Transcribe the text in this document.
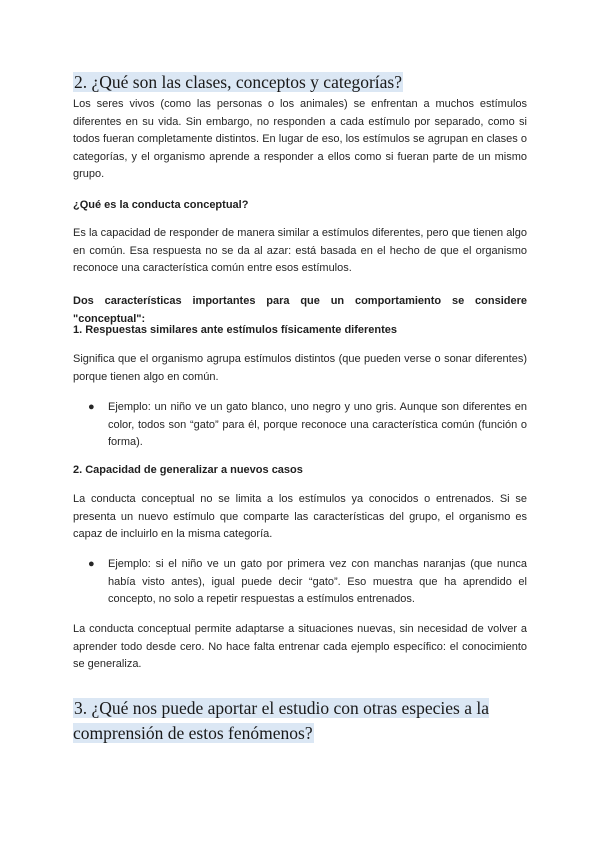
2. ¿Qué son las clases, conceptos y categorías?

Los seres vivos (como las personas o los animales) se enfrentan a muchos estímulos diferentes en su vida. Sin embargo, no responden a cada estímulo por separado, como si todos fueran completamente distintos. En lugar de eso, los estímulos se agrupan en clases o categorías, y el organismo aprende a responder a ellos como si fueran parte de un mismo grupo.

¿Qué es la conducta conceptual?

Es la capacidad de responder de manera similar a estímulos diferentes, pero que tienen algo en común. Esa respuesta no se da al azar: está basada en el hecho de que el organismo reconoce una característica común entre esos estímulos.

Dos características importantes para que un comportamiento se considere "conceptual":

1. Respuestas similares ante estímulos físicamente diferentes

Significa que el organismo agrupa estímulos distintos (que pueden verse o sonar diferentes) porque tienen algo en común.

● Ejemplo: un niño ve un gato blanco, uno negro y uno gris. Aunque son diferentes en color, todos son “gato” para él, porque reconoce una característica común (función o forma).

2. Capacidad de generalizar a nuevos casos

La conducta conceptual no se limita a los estímulos ya conocidos o entrenados. Si se presenta un nuevo estímulo que comparte las características del grupo, el organismo es capaz de incluirlo en la misma categoría.

● Ejemplo: si el niño ve un gato por primera vez con manchas naranjas (que nunca había visto antes), igual puede decir “gato”. Eso muestra que ha aprendido el concepto, no solo a repetir respuestas a estímulos entrenados.

La conducta conceptual permite adaptarse a situaciones nuevas, sin necesidad de volver a aprender todo desde cero. No hace falta entrenar cada ejemplo específico: el conocimiento se generaliza.

3. ¿Qué nos puede aportar el estudio con otras especies a la comprensión de estos fenómenos?
